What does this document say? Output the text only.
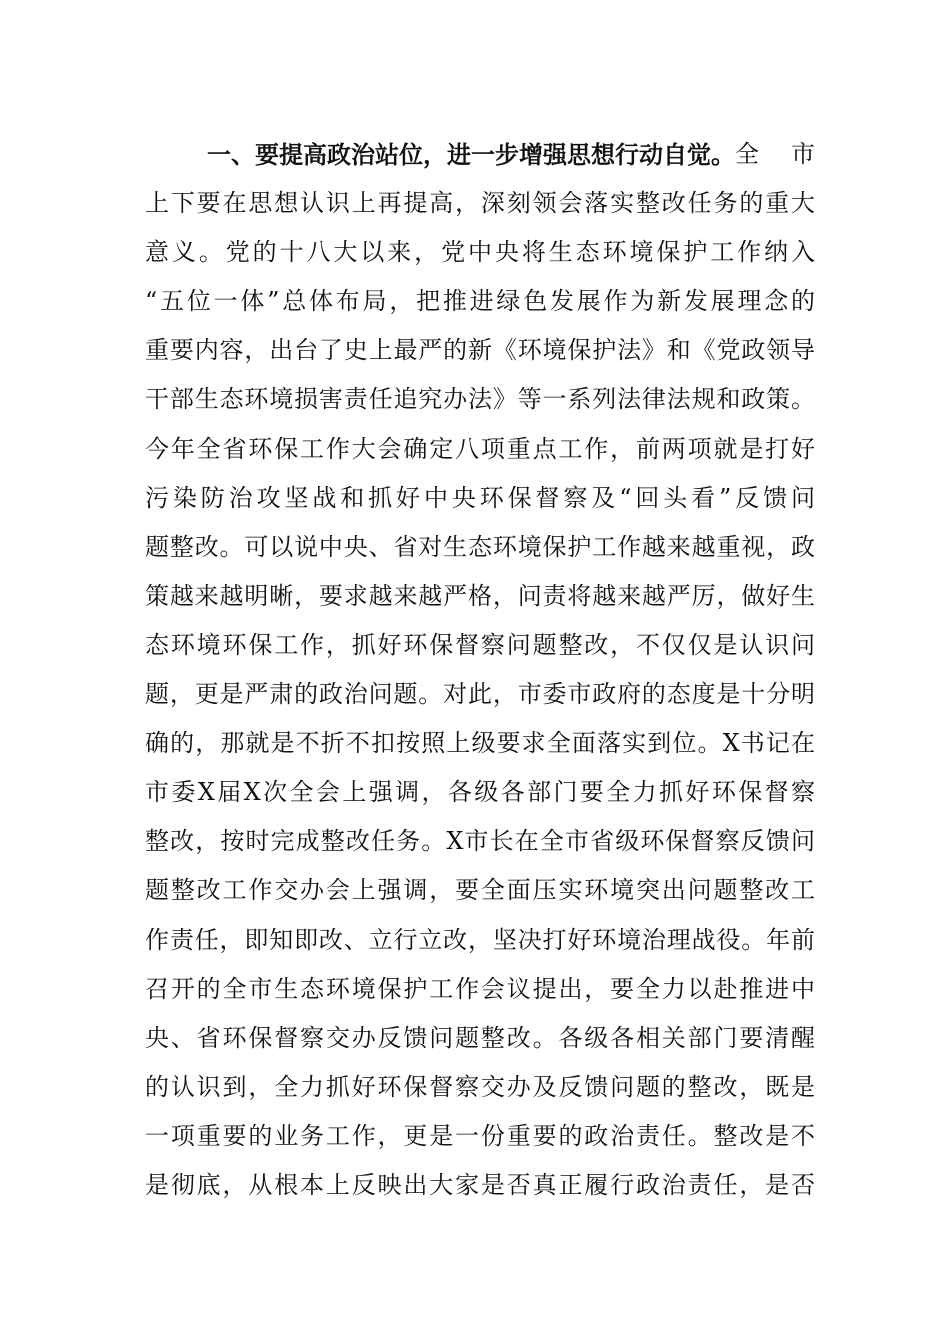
一、要提高政治站位，进一步增强思想行动自觉。 全市
上下要在思想认识上再提高，深刻领会落实整改任务的重大
意义。党的十八大以来，党中央将生态环境保护工作纳入
“五位一体”总体布局，把推进绿色发展作为新发展理念的
重要内容，出台了史上最严的新《环境保护法》和《党政领导
干部生态环境损害责任追究办法》等一系列法律法规和政策。
今年全省环保工作大会确定八项重点工作，前两项就是打好
污染防治攻坚战和抓好中央环保督察及“回头看”反馈问
题整改。可以说中央、省对生态环境保护工作越来越重视，政
策越来越明晰，要求越来越严格，问责将越来越严厉，做好生
态环境环保工作，抓好环保督察问题整改，不仅仅是认识问
题，更是严肃的政治问题。对此，市委市政府的态度是十分明
确的，那就是不折不扣按照上级要求全面落实到位。X书记在
市委X届X次全会上强调，各级各部门要全力抓好环保督察
整改，按时完成整改任务。X市长在全市省级环保督察反馈问
题整改工作交办会上强调，要全面压实环境突出问题整改工
作责任，即知即改、立行立改，坚决打好环境治理战役。年前
召开的全市生态环境保护工作会议提出，要全力以赴推进中
央、省环保督察交办反馈问题整改。各级各相关部门要清醒
的认识到，全力抓好环保督察交办及反馈问题的整改，既是
一项重要的业务工作，更是一份重要的政治责任。整改是不
是彻底，从根本上反映出大家是否真正履行政治责任，是否
